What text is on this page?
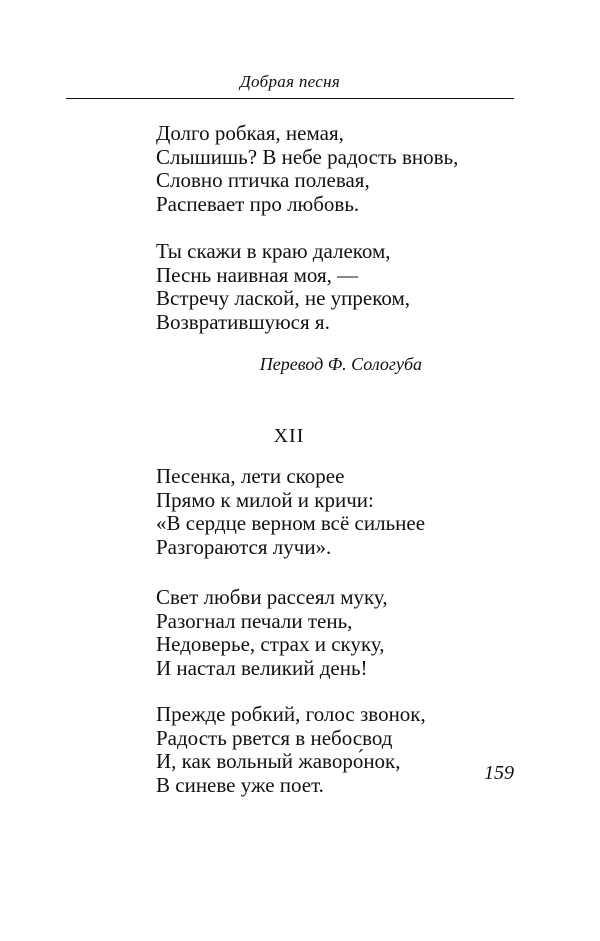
Добрая песня
Долго робкая, немая,
Слышишь? В небе радость вновь,
Словно птичка полевая,
Распевает про любовь.
Ты скажи в краю далеком,
Песнь наивная моя, —
Встречу лаской, не упреком,
Возвратившуюся я.
Перевод Ф. Сологуба
XII
Песенка, лети скорее
Прямо к милой и кричи:
«В сердце верном всё сильнее
Разгораются лучи».
Свет любви рассеял муку,
Разогнал печали тень,
Недоверье, страх и скуку,
И настал великий день!
Прежде робкий, голос звонок,
Радость рвется в небосвод
И, как вольный жаворо́нок,
В синеве уже поет.	159
